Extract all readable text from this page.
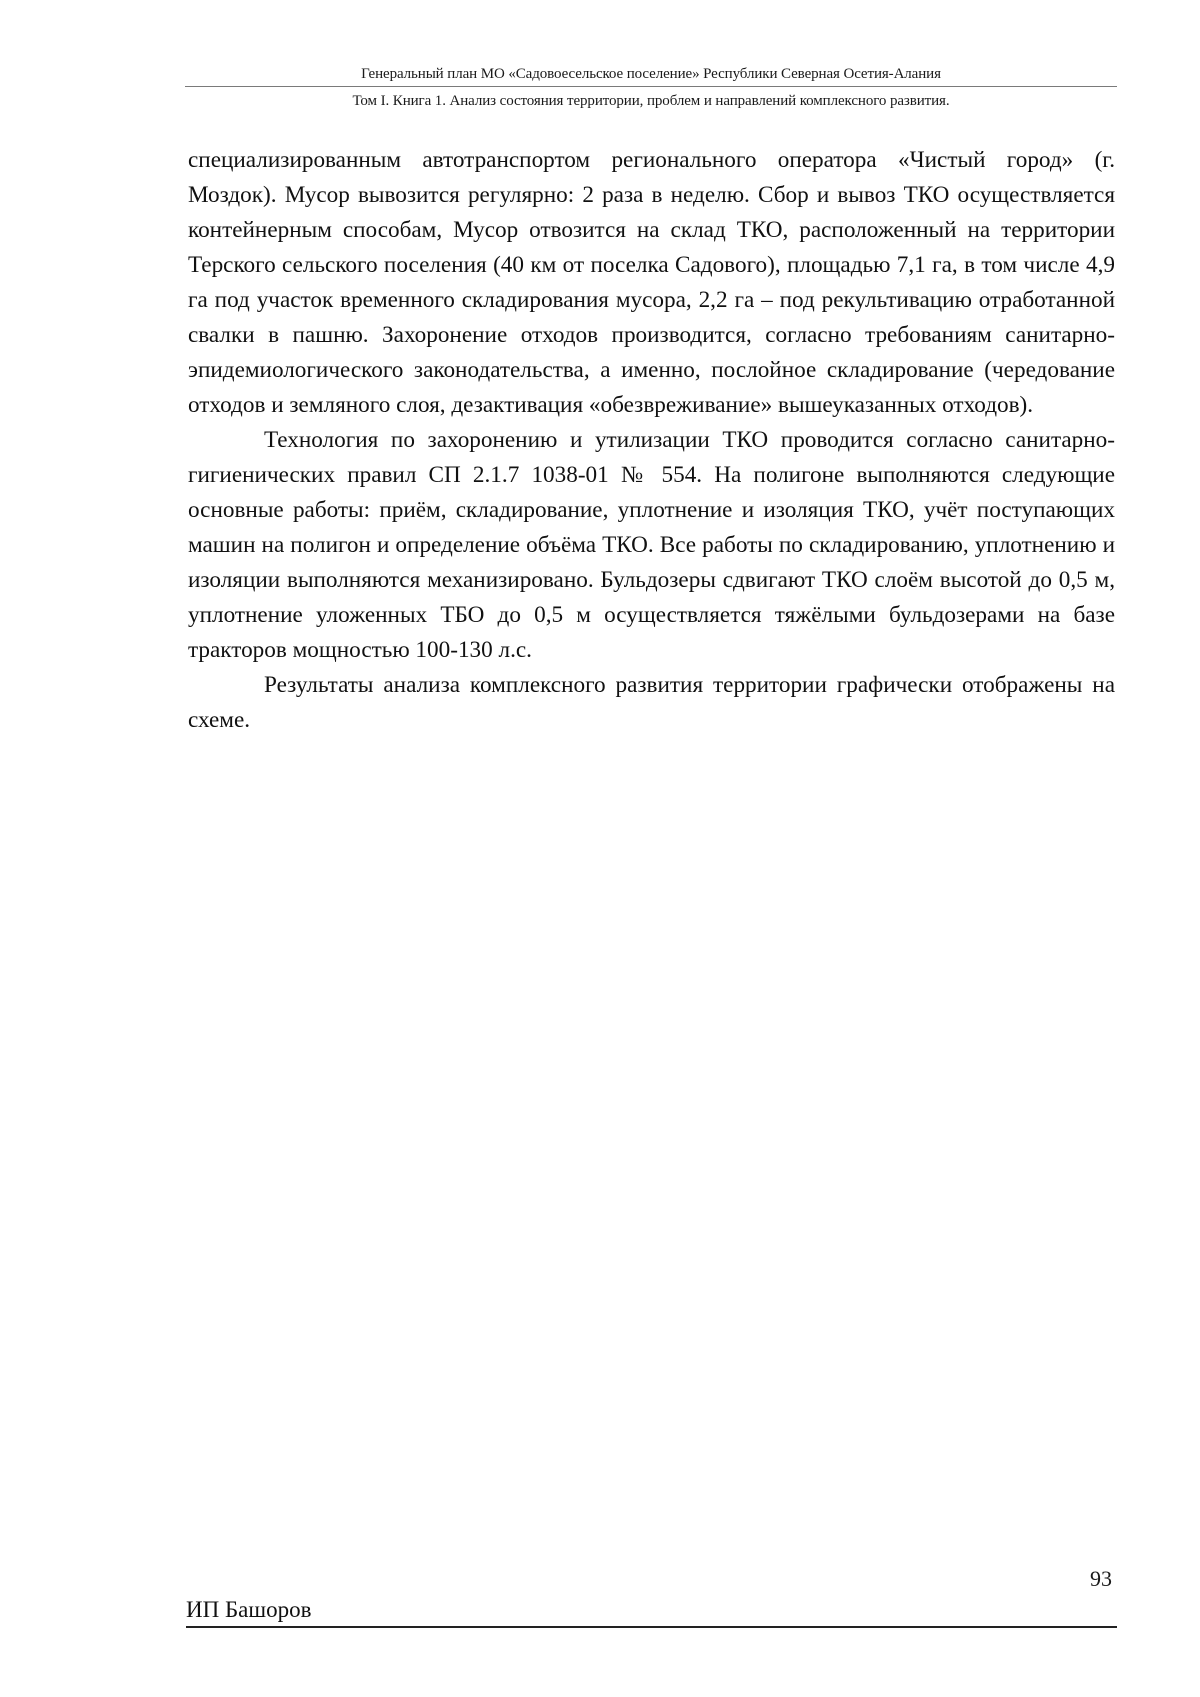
Генеральный план МО «Садовоесельское поселение» Республики Северная Осетия-Алания
Том I. Книга 1. Анализ состояния территории, проблем и направлений комплексного развития.

специализированным автотранспортом регионального оператора «Чистый город» (г. Моздок). Мусор вывозится регулярно: 2 раза в неделю. Сбор и вывоз ТКО осуществляется контейнерным способам, Мусор отвозится на склад ТКО, расположенный на территории Терского сельского поселения (40 км от поселка Садового), площадью 7,1 га, в том числе 4,9 га под участок временного складирования мусора, 2,2 га – под рекультивацию отработанной свалки в пашню. Захоронение отходов производится, согласно требованиям санитарно-эпидемиологического законодательства, а именно, послойное складирование (чередование отходов и земляного слоя, дезактивация «обезвреживание» вышеуказанных отходов).

Технология по захоронению и утилизации ТКО проводится согласно санитарно-гигиенических правил СП 2.1.7 1038-01 № 554. На полигоне выполняются следующие основные работы: приём, складирование, уплотнение и изоляция ТКО, учёт поступающих машин на полигон и определение объёма ТКО. Все работы по складированию, уплотнению и изоляции выполняются механизировано. Бульдозеры сдвигают ТКО слоём высотой до 0,5 м, уплотнение уложенных ТБО до 0,5 м осуществляется тяжёлыми бульдозерами на базе тракторов мощностью 100-130 л.с.

Результаты анализа комплексного развития территории графически отображены на схеме.

93
ИП Башоров
